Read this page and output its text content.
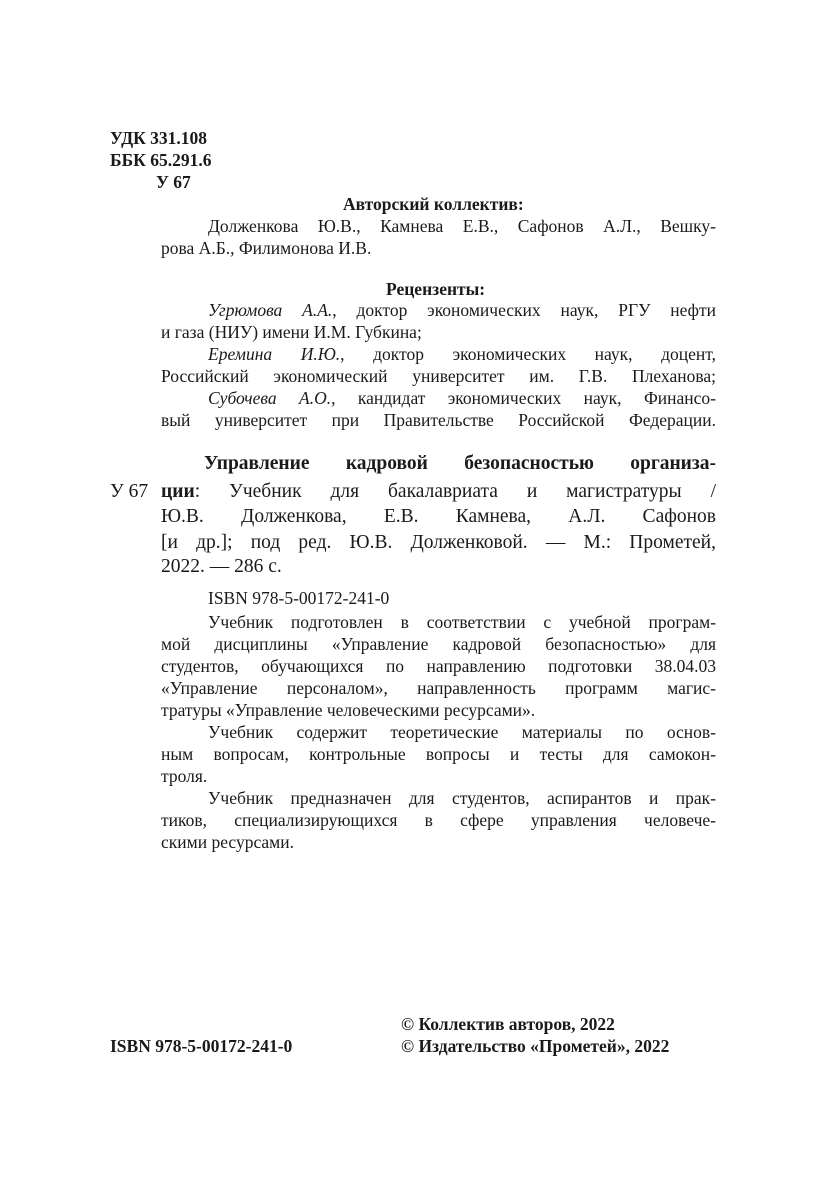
УДК 331.108
ББК 65.291.6
У 67
Авторский коллектив:
Долженкова Ю.В., Камнева Е.В., Сафонов А.Л., Вешку-
рова А.Б., Филимонова И.В.
Рецензенты:
Угрюмова А.А., доктор экономических наук, РГУ нефти
и газа (НИУ) имени И.М. Губкина;
Еремина И.Ю., доктор экономических наук, доцент,
Российский экономический университет им. Г.В. Плеханова;
Субочева А.О., кандидат экономических наук, Финансо-
вый университет при Правительстве Российской Федерации.
Управление кадровой безопасностью организа-
У 67 ции: Учебник для бакалавриата и магистратуры /
Ю.В. Долженкова, Е.В. Камнева, А.Л. Сафонов
[и др.]; под ред. Ю.В. Долженковой. — М.: Прометей,
2022. — 286 с.
ISBN 978-5-00172-241-0
Учебник подготовлен в соответствии с учебной програм-
мой дисциплины «Управление кадровой безопасностью» для
студентов, обучающихся по направлению подготовки 38.04.03
«Управление персоналом», направленность программ магис-
тратуры «Управление человеческими ресурсами».
Учебник содержит теоретические материалы по основ-
ным вопросам, контрольные вопросы и тесты для самокон-
троля.
Учебник предназначен для студентов, аспирантов и прак-
тиков, специализирующихся в сфере управления человече-
скими ресурсами.
© Коллектив авторов, 2022
ISBN 978-5-00172-241-0	© Издательство «Прометей», 2022
